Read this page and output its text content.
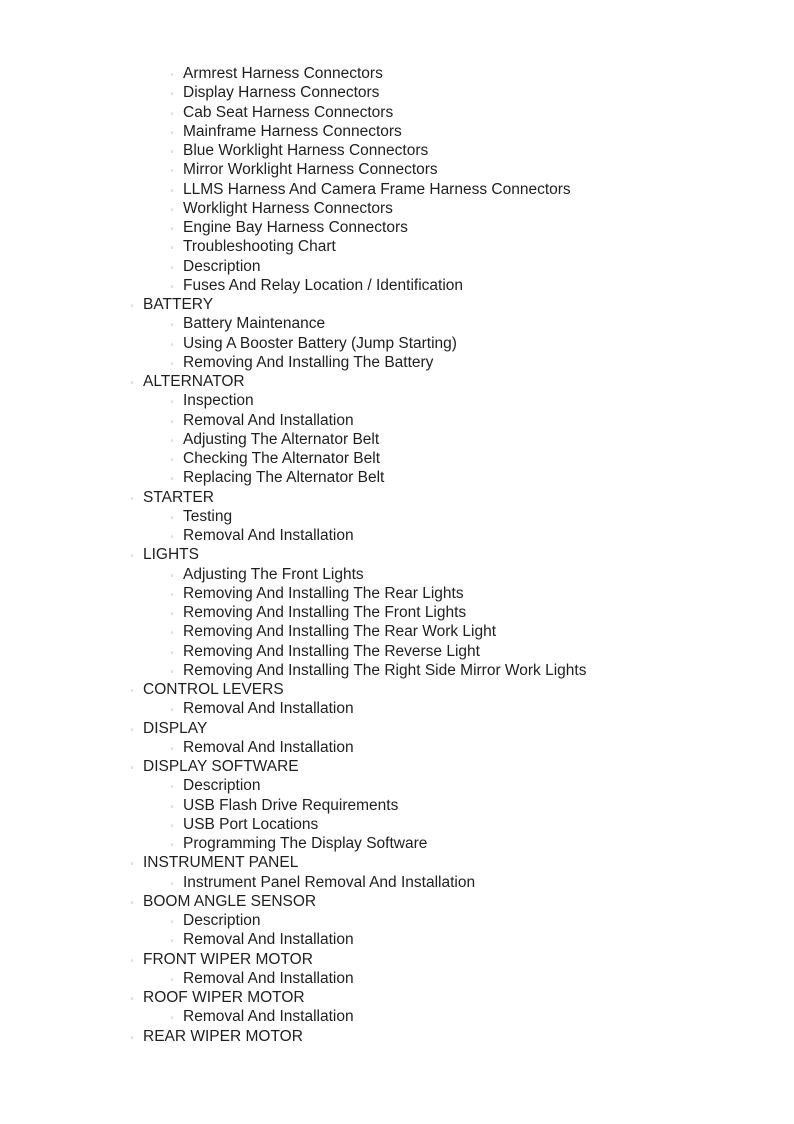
◦ Armrest Harness Connectors
◦ Display Harness Connectors
◦ Cab Seat Harness Connectors
◦ Mainframe Harness Connectors
◦ Blue Worklight Harness Connectors
◦ Mirror Worklight Harness Connectors
◦ LLMS Harness And Camera Frame Harness Connectors
◦ Worklight Harness Connectors
◦ Engine Bay Harness Connectors
◦ Troubleshooting Chart
◦ Description
◦ Fuses And Relay Location / Identification
◦ BATTERY
◦ Battery Maintenance
◦ Using A Booster Battery (Jump Starting)
◦ Removing And Installing The Battery
◦ ALTERNATOR
◦ Inspection
◦ Removal And Installation
◦ Adjusting The Alternator Belt
◦ Checking The Alternator Belt
◦ Replacing The Alternator Belt
◦ STARTER
◦ Testing
◦ Removal And Installation
◦ LIGHTS
◦ Adjusting The Front Lights
◦ Removing And Installing The Rear Lights
◦ Removing And Installing The Front Lights
◦ Removing And Installing The Rear Work Light
◦ Removing And Installing The Reverse Light
◦ Removing And Installing The Right Side Mirror Work Lights
◦ CONTROL LEVERS
◦ Removal And Installation
◦ DISPLAY
◦ Removal And Installation
◦ DISPLAY SOFTWARE
◦ Description
◦ USB Flash Drive Requirements
◦ USB Port Locations
◦ Programming The Display Software
◦ INSTRUMENT PANEL
◦ Instrument Panel Removal And Installation
◦ BOOM ANGLE SENSOR
◦ Description
◦ Removal And Installation
◦ FRONT WIPER MOTOR
◦ Removal And Installation
◦ ROOF WIPER MOTOR
◦ Removal And Installation
◦ REAR WIPER MOTOR
